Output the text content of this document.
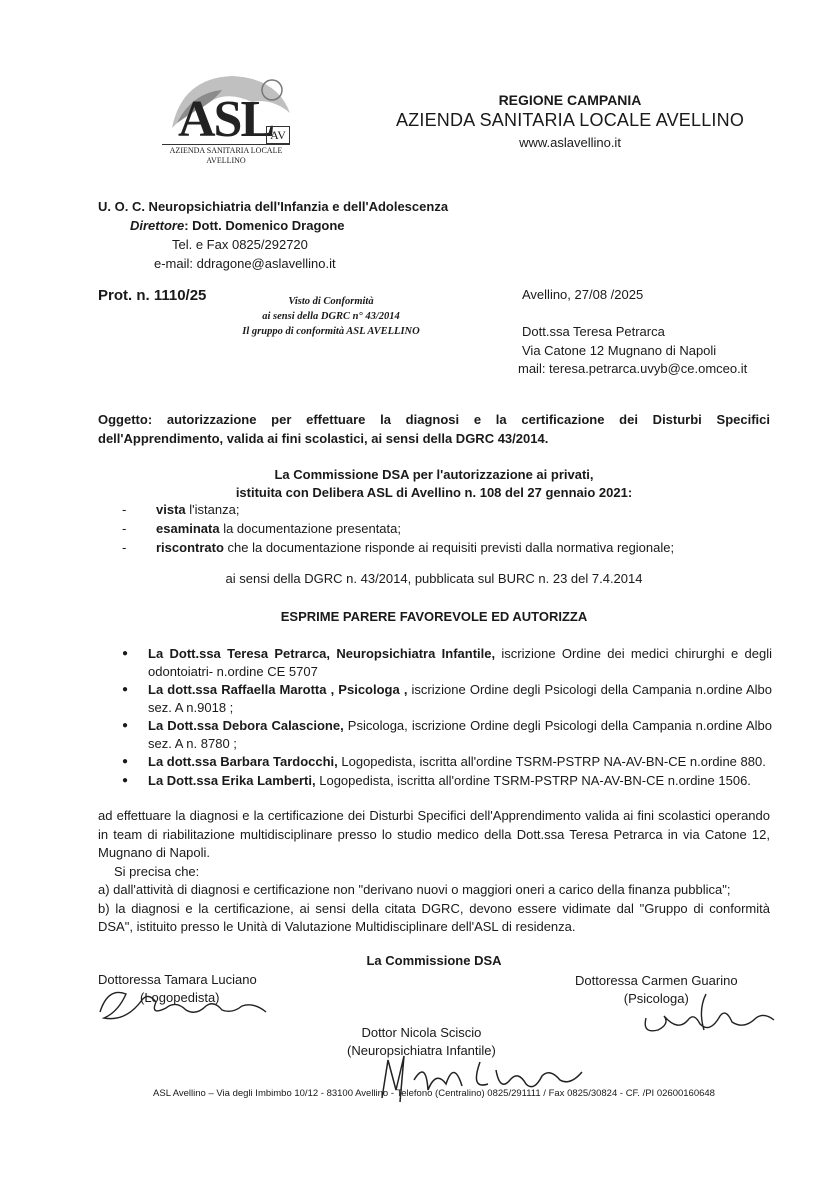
ASL
AV
AZIENDA SANITARIA LOCALE
AVELLINO
REGIONE CAMPANIA
AZIENDA SANITARIA LOCALE AVELLINO
www.aslavellino.it
U. O. C. Neuropsichiatria dell'Infanzia e dell'Adolescenza
Direttore: Dott. Domenico Dragone
Tel. e Fax 0825/292720
e-mail: ddragone@aslavellino.it
Prot. n. 1110/25	Visto di Conformità
ai sensi della DGRC n° 43/2014
Il gruppo di conformità ASL AVELLINO
Avellino, 27/08 /2025
Dott.ssa Teresa Petrarca
Via Catone 12 Mugnano di Napoli
mail: teresa.petrarca.uvyb@ce.omceo.it
Oggetto: autorizzazione per effettuare la diagnosi e la certificazione dei Disturbi Specifici dell'Apprendimento, valida ai fini scolastici, ai sensi della DGRC 43/2014.
La Commissione DSA per l'autorizzazione ai privati,
istituita con Delibera ASL di Avellino n. 108 del 27 gennaio 2021:
- vista l'istanza;
- esaminata la documentazione presentata;
- riscontrato che la documentazione risponde ai requisiti previsti dalla normativa regionale;
ai sensi della DGRC n. 43/2014, pubblicata sul BURC n. 23 del 7.4.2014
ESPRIME PARERE FAVOREVOLE ED AUTORIZZA
● La Dott.ssa Teresa Petrarca, Neuropsichiatra Infantile, iscrizione Ordine dei medici chirurghi e degli odontoiatri- n.ordine CE 5707
● La dott.ssa Raffaella Marotta , Psicologa , iscrizione Ordine degli Psicologi della Campania n.ordine Albo sez. A n.9018 ;
● La Dott.ssa Debora Calascione, Psicologa, iscrizione Ordine degli Psicologi della Campania n.ordine Albo sez. A n. 8780 ;
● La dott.ssa Barbara Tardocchi, Logopedista, iscritta all'ordine TSRM-PSTRP NA-AV-BN-CE n.ordine 880.
● La Dott.ssa Erika Lamberti, Logopedista, iscritta all'ordine TSRM-PSTRP NA-AV-BN-CE n.ordine 1506.
ad effettuare la diagnosi e la certificazione dei Disturbi Specifici dell'Apprendimento valida ai fini scolastici operando in team di riabilitazione multidisciplinare presso lo studio medico della Dott.ssa Teresa Petrarca in via Catone 12, Mugnano di Napoli.
Si precisa che:
a) dall'attività di diagnosi e certificazione non "derivano nuovi o maggiori oneri a carico della finanza pubblica";
b) la diagnosi e la certificazione, ai sensi della citata DGRC, devono essere vidimate dal "Gruppo di conformità DSA", istituito presso le Unità di Valutazione Multidisciplinare dell'ASL di residenza.
La Commissione DSA
Dottoressa Tamara Luciano
(Logopedista)
Dottoressa Carmen Guarino
(Psicologa)
Dottor Nicola Sciscio
(Neuropsichiatra Infantile)
ASL Avellino – Via degli Imbimbo 10/12 - 83100 Avellino - Telefono (Centralino) 0825/291111 / Fax 0825/30824 - CF. /PI 02600160648
